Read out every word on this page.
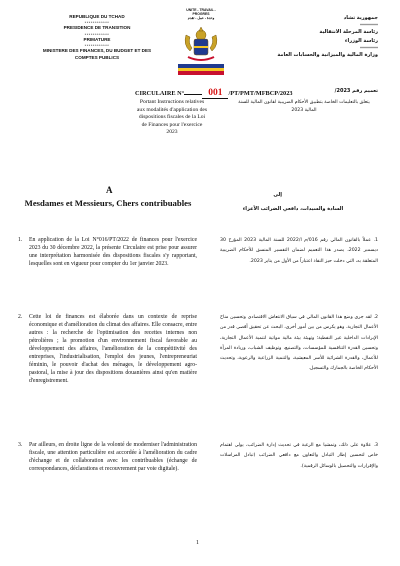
REPUBLIQUE DU TCHAD
************
PRESIDENCE DE TRANSITION
************
PRIMATURE
************
MINISTERE DES FINANCES, DU BUDGET ET DES COMPTES PUBLICS
UNITE - TRAVAIL - PROGRES
وحدة - عمل - تقدم	جمهورية تشاد
*********
رئاسة المرحلة الانتقالية
رئاسة الوزراء
*********
وزارة المالية والميزانية والحسابات العامة
CIRCULAIRE N°	001 /PT/PMT/MFBCP/2023	تعميم رقم 2023/
Portant Instructions relatives aux modalités d'application des dispositions fiscales de la Loi de Finances pour l'exercice 2023
يتعلق بالتعليمات الخاصة بتطبيق الأحكام الضريبية لقانون المالية للسنة المالية 2023
A
Mesdames et Messieurs, Chers contribuables
إلى
السادة والسيدات، دافعي الضرائب الأعزاء
1. En application de la Loi N°016/PT/2022 de finances pour l'exercice 2023 du 30 décembre 2022, la présente Circulaire est prise pour assurer une interprétation harmonisée des dispositions fiscales s'y rapportant, lesquelles sont en vigueur pour compter du 1er janvier 2023.
2. Cette loi de finances est élaborée dans un contexte de reprise économique et d'amélioration du climat des affaires. Elle consacre, entre autres : la recherche de l'optimisation des recettes internes non pétrolières ; la promotion d'un environnement fiscal favorable au développement des affaires, l'amélioration de la compétitivité des entreprises, l'industrialisation, l'emploi des jeunes, l'entrepreneuriat féminin, le pouvoir d'achat des ménages, le développement agro-pastoral, la mise à jour des dispositions douanières ainsi qu'en matière d'enregistrement.
3. Par ailleurs, en droite ligne de la volonté de moderniser l'administration fiscale, une attention particulière est accordée à l'amélioration du cadre d'échange et de collaboration avec les contribuables (échange de correspondances, déclarations et recouvrement par voie digitale).
1. عملاً بالقانون المالي رقم 016/م ا/2022 للسنة المالية 2023 المؤرخ 30 ديسمبر 2022، يصدر هذا التعميم لضمان التفسير المنسق للأحكام الضريبية المتعلقة به، التي دخلت حيز النفاذ اعتباراً من الأول من يناير 2023.
2. لقد جرى وضع هذا القانون المالي في سياق الانتعاش الاقتصادي وتحسين مناخ الأعمال التجارية. وهو يكرس من بين أمور أخرى، البحث عن تحقيق أقصى قدر من الإيرادات الداخلية غير النفطية؛ وتهيئة بيئة مالية مواتية لتنمية الأعمال التجارية، وتحسين القدرة التنافسية للمؤسسات، والتصنيع، وتوظيف الشباب، وريادة المرأة للأعمال، والقدرة الشرائية للأسر المعيشية، والتنمية الزراعية والرعوية، وتحديث الأحكام الخاصة بالجمارك والتسجيل.
3. علاوة على ذلك، وتمشيا مع الرغبة في تحديث إدارة الضرائب، يولى اهتمام خاص لتحسين إطار التبادل والتعاون مع دافعي الضرائب (تبادل المراسلات والإقرارات والتحصيل بالوسائل الرقمية).
1
